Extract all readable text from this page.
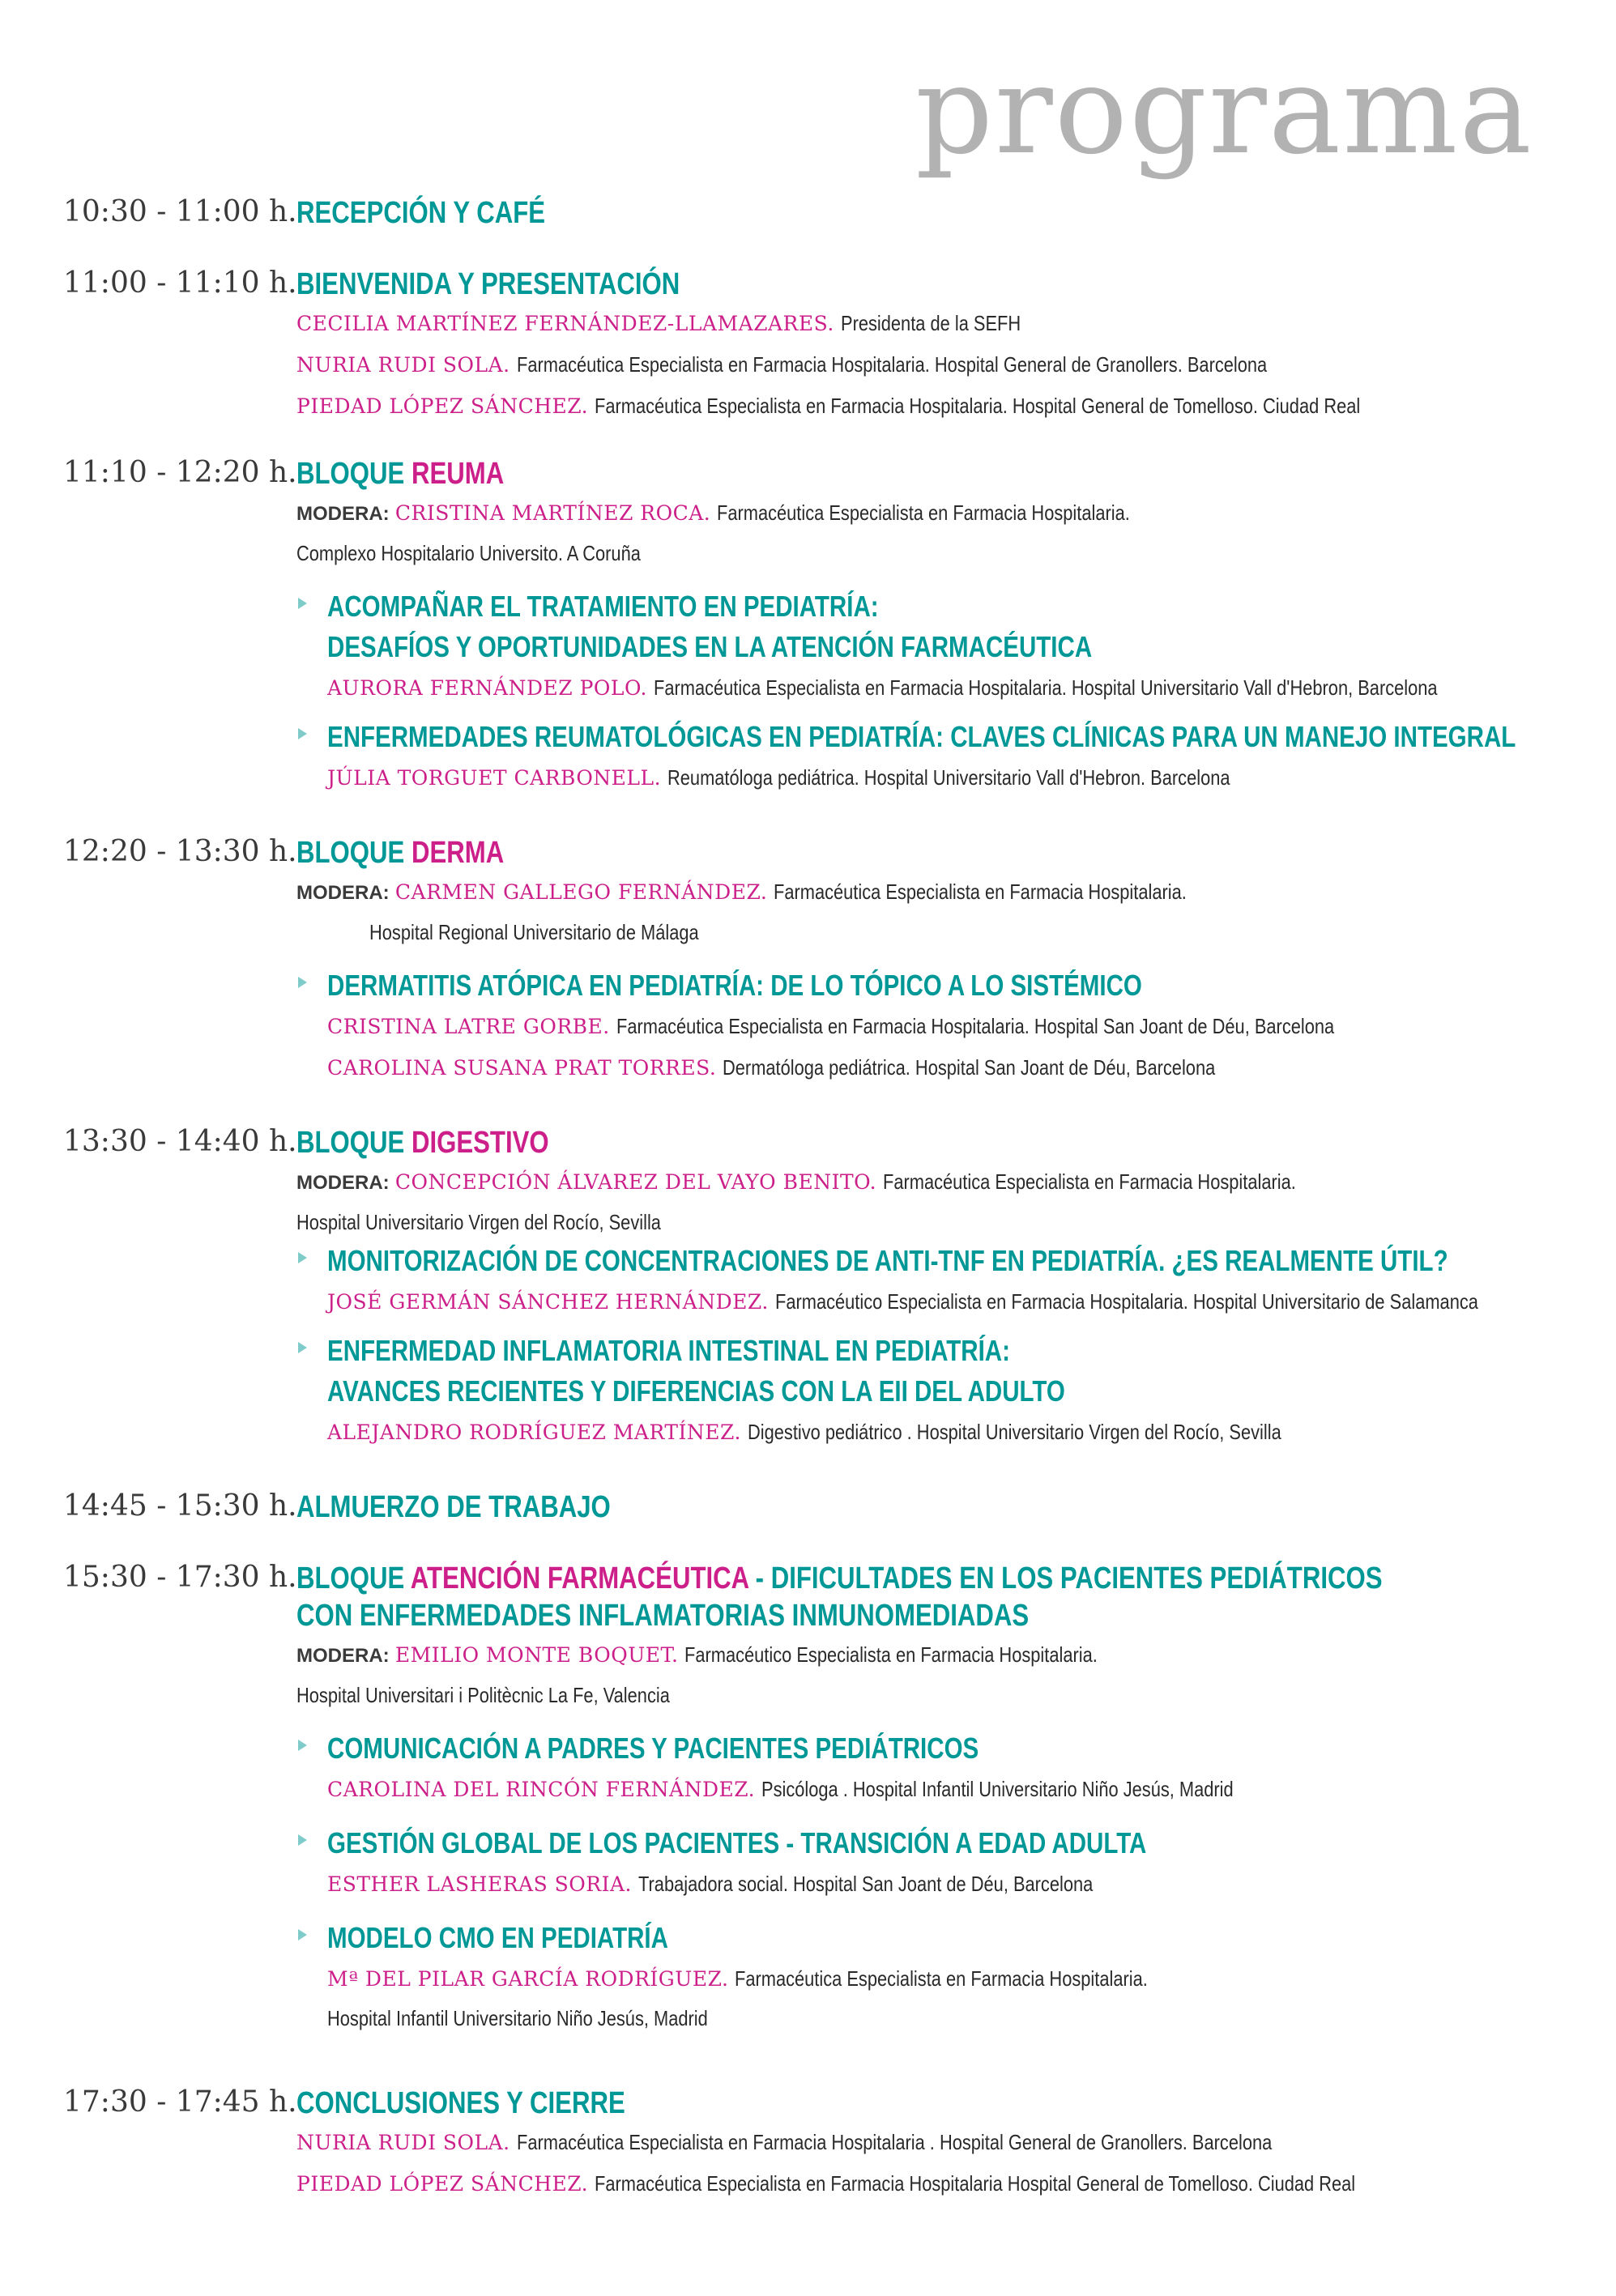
programa
10:30 - 11:00 h. RECEPCIÓN Y CAFÉ
11:00 - 11:10 h. BIENVENIDA Y PRESENTACIÓN
CECILIA MARTÍNEZ FERNÁNDEZ-LLAMAZARES. Presidenta de la SEFH
NURIA RUDI SOLA. Farmacéutica Especialista en Farmacia Hospitalaria. Hospital General de Granollers. Barcelona
PIEDAD LÓPEZ SÁNCHEZ. Farmacéutica Especialista en Farmacia Hospitalaria. Hospital General de Tomelloso. Ciudad Real
11:10 - 12:20 h. BLOQUE REUMA
MODERA: CRISTINA MARTÍNEZ ROCA. Farmacéutica Especialista en Farmacia Hospitalaria.
Complexo Hospitalario Universito. A Coruña
ACOMPAÑAR EL TRATAMIENTO EN PEDIATRÍA:
DESAFÍOS Y OPORTUNIDADES EN LA ATENCIÓN FARMACÉUTICA
AURORA FERNÁNDEZ POLO. Farmacéutica Especialista en Farmacia Hospitalaria. Hospital Universitario Vall d'Hebron, Barcelona
ENFERMEDADES REUMATOLÓGICAS EN PEDIATRÍA: CLAVES CLÍNICAS PARA UN MANEJO INTEGRAL
JÚLIA TORGUET CARBONELL. Reumatóloga pediátrica. Hospital Universitario Vall d'Hebron. Barcelona
12:20 - 13:30 h. BLOQUE DERMA
MODERA: CARMEN GALLEGO FERNÁNDEZ. Farmacéutica Especialista en Farmacia Hospitalaria.
Hospital Regional Universitario de Málaga
DERMATITIS ATÓPICA EN PEDIATRÍA: DE LO TÓPICO A LO SISTÉMICO
CRISTINA LATRE GORBE. Farmacéutica Especialista en Farmacia Hospitalaria. Hospital San Joant de Déu, Barcelona
CAROLINA SUSANA PRAT TORRES. Dermatóloga pediátrica. Hospital San Joant de Déu, Barcelona
13:30 - 14:40 h. BLOQUE DIGESTIVO
MODERA: CONCEPCIÓN ÁLVAREZ DEL VAYO BENITO. Farmacéutica Especialista en Farmacia Hospitalaria.
Hospital Universitario Virgen del Rocío, Sevilla
MONITORIZACIÓN DE CONCENTRACIONES DE ANTI-TNF EN PEDIATRÍA. ¿ES REALMENTE ÚTIL?
JOSÉ GERMÁN SÁNCHEZ HERNÁNDEZ. Farmacéutico Especialista en Farmacia Hospitalaria. Hospital Universitario de Salamanca
ENFERMEDAD INFLAMATORIA INTESTINAL EN PEDIATRÍA:
AVANCES RECIENTES Y DIFERENCIAS CON LA EII DEL ADULTO
ALEJANDRO RODRÍGUEZ MARTÍNEZ. Digestivo pediátrico . Hospital Universitario Virgen del Rocío, Sevilla
14:45 - 15:30 h. ALMUERZO DE TRABAJO
15:30 - 17:30 h. BLOQUE ATENCIÓN FARMACÉUTICA - DIFICULTADES EN LOS PACIENTES PEDIÁTRICOS
CON ENFERMEDADES INFLAMATORIAS INMUNOMEDIADAS
MODERA: EMILIO MONTE BOQUET. Farmacéutico Especialista en Farmacia Hospitalaria.
Hospital Universitari i Politècnic La Fe, Valencia
COMUNICACIÓN A PADRES Y PACIENTES PEDIÁTRICOS
CAROLINA DEL RINCÓN FERNÁNDEZ. Psicóloga . Hospital Infantil Universitario Niño Jesús, Madrid
GESTIÓN GLOBAL DE LOS PACIENTES - TRANSICIÓN A EDAD ADULTA
ESTHER LASHERAS SORIA. Trabajadora social. Hospital San Joant de Déu, Barcelona
MODELO CMO EN PEDIATRÍA
Mª DEL PILAR GARCÍA RODRÍGUEZ. Farmacéutica Especialista en Farmacia Hospitalaria.
Hospital Infantil Universitario Niño Jesús, Madrid
17:30 - 17:45 h. CONCLUSIONES Y CIERRE
NURIA RUDI SOLA. Farmacéutica Especialista en Farmacia Hospitalaria . Hospital General de Granollers. Barcelona
PIEDAD LÓPEZ SÁNCHEZ. Farmacéutica Especialista en Farmacia Hospitalaria Hospital General de Tomelloso. Ciudad Real
